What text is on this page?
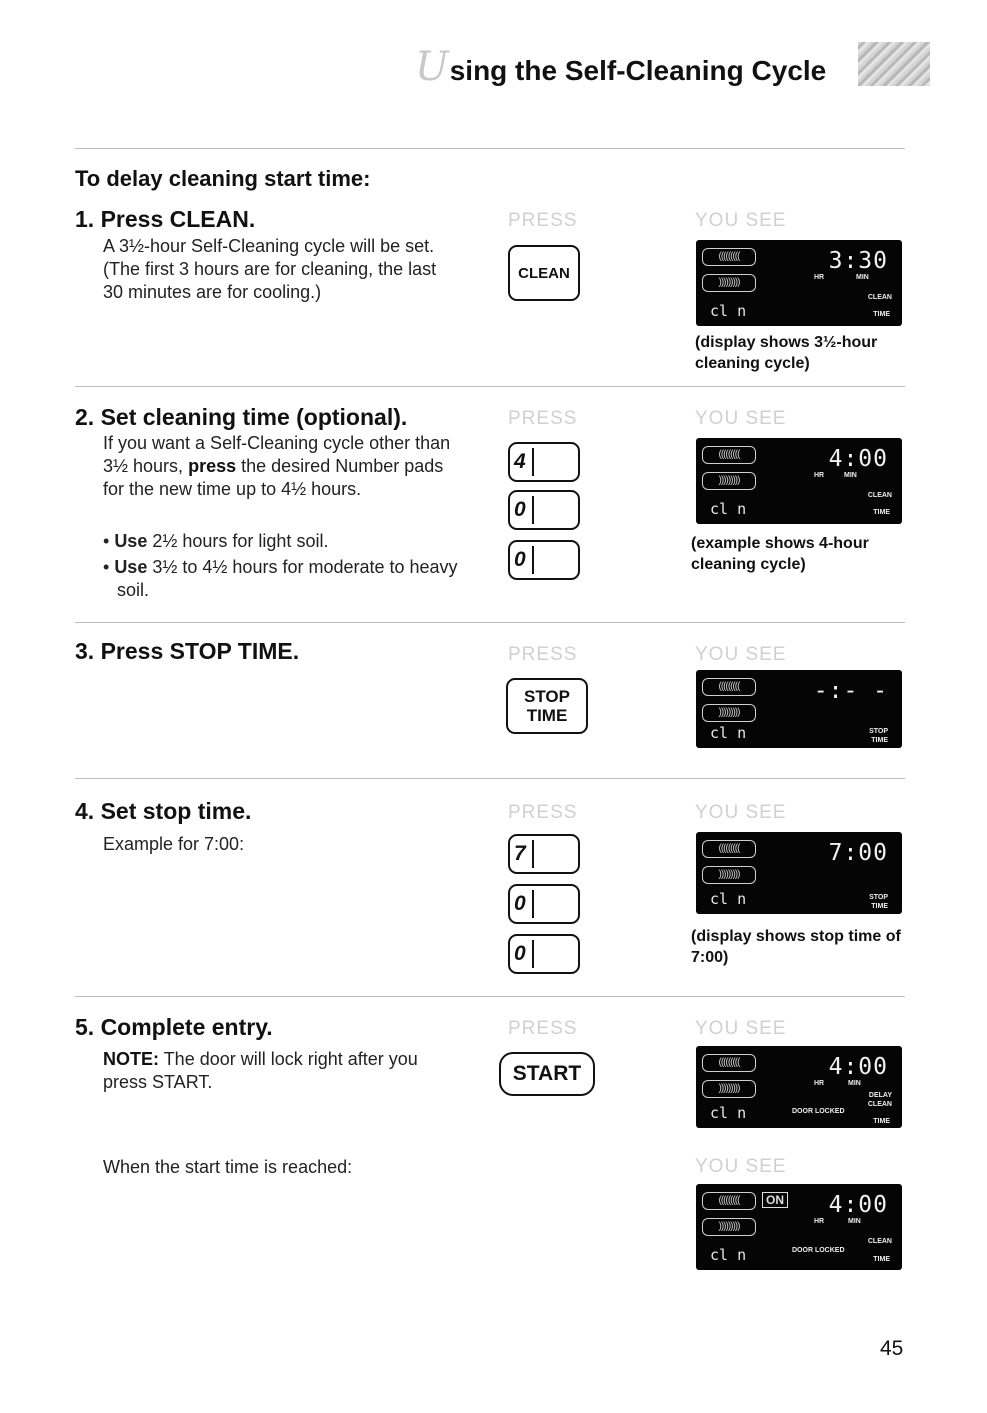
Using the Self-Cleaning Cycle
To delay cleaning start time:
1. Press CLEAN.
A 3½-hour Self-Cleaning cycle will be set. (The first 3 hours are for cleaning, the last 30 minutes are for cooling.)
PRESS	YOU SEE
CLEAN
(((((((((
)))))))))
3:30
HR	MIN
CLEAN
TIME
cl n
(display shows 3½-hour cleaning cycle)
2. Set cleaning time (optional).
If you want a Self-Cleaning cycle other than 3½ hours, press the desired Number pads for the new time up to 4½ hours.
• Use 2½ hours for light soil.
• Use 3½ to 4½ hours for moderate to heavy soil.
PRESS	YOU SEE
4
0
0
(((((((((
)))))))))
4:00
HR	MIN
CLEAN
TIME
cl n
(example shows 4-hour cleaning cycle)
3. Press STOP TIME.	PRESS	YOU SEE
STOP
TIME
(((((((((
)))))))))
-:- -
STOP
TIME
cl n
4. Set stop time.
Example for 7:00:
PRESS	YOU SEE
7
0
0
(((((((((
)))))))))
7:00
STOP
TIME
cl n
(display shows stop time of 7:00)
5. Complete entry.
NOTE: The door will lock right after you press START.
When the start time is reached:
PRESS	YOU SEE
YOU SEE
START	(((((((((
)))))))))
4:00
HR	MIN
DELAY
CLEAN
DOOR LOCKED
TIME
cl n
(((((((((
)))))))))
ON 4:00
HR	MIN
CLEAN
DOOR LOCKED
TIME
cl n
45
